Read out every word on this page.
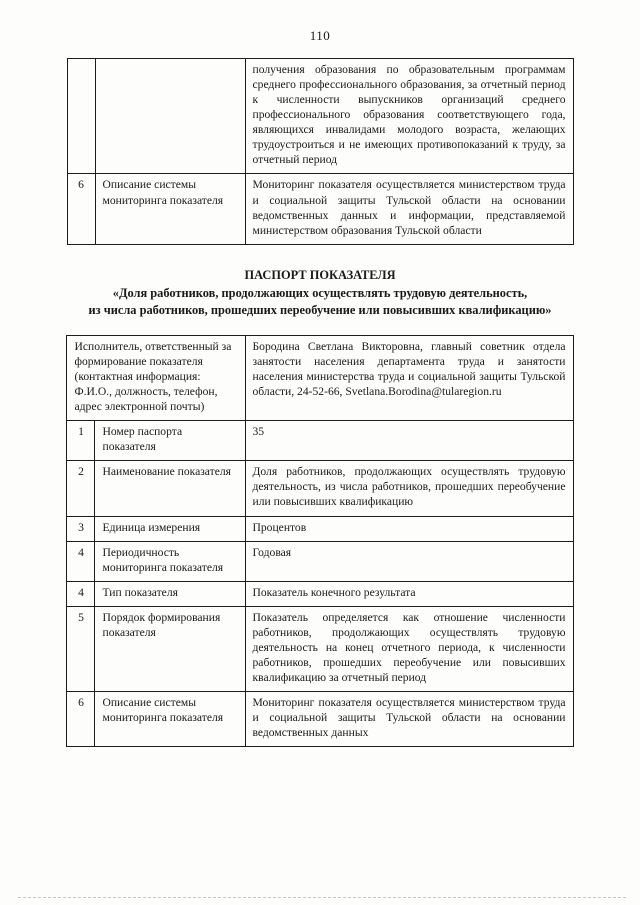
110
		получения образования по образовательным программам среднего профессионального образования, за отчетный период к численности выпускников организаций среднего профессионального образования соответствующего года, являющихся инвалидами молодого возраста, желающих трудоустроиться и не имеющих противопоказаний к труду, за отчетный период
6	Описание системы мониторинга показателя	Мониторинг показателя осуществляется министерством труда и социальной защиты Тульской области на основании ведомственных данных и информации, представляемой министерством образования Тульской области
ПАСПОРТ ПОКАЗАТЕЛЯ
«Доля работников, продолжающих осуществлять трудовую деятельность,
из числа работников, прошедших переобучение или повысивших квалификацию»
Исполнитель, ответственный за формирование показателя (контактная информация: Ф.И.О., должность, телефон, адрес электронной почты)		Бородина Светлана Викторовна, главный советник отдела занятости населения департамента труда и занятости населения министерства труда и социальной защиты Тульской области, 24-52-66, Svetlana.Borodina@tularegion.ru
1	Номер паспорта показателя	35
2	Наименование показателя	Доля работников, продолжающих осуществлять трудовую деятельность, из числа работников, прошедших переобучение или повысивших квалификацию
3	Единица измерения	Процентов
4	Периодичность мониторинга показателя	Годовая
4	Тип показателя	Показатель конечного результата
5	Порядок формирования показателя	Показатель определяется как отношение численности работников, продолжающих осуществлять трудовую деятельность на конец отчетного периода, к численности работников, прошедших переобучение или повысивших квалификацию за отчетный период
6	Описание системы мониторинга показателя	Мониторинг показателя осуществляется министерством труда и социальной защиты Тульской области на основании ведомственных данных
